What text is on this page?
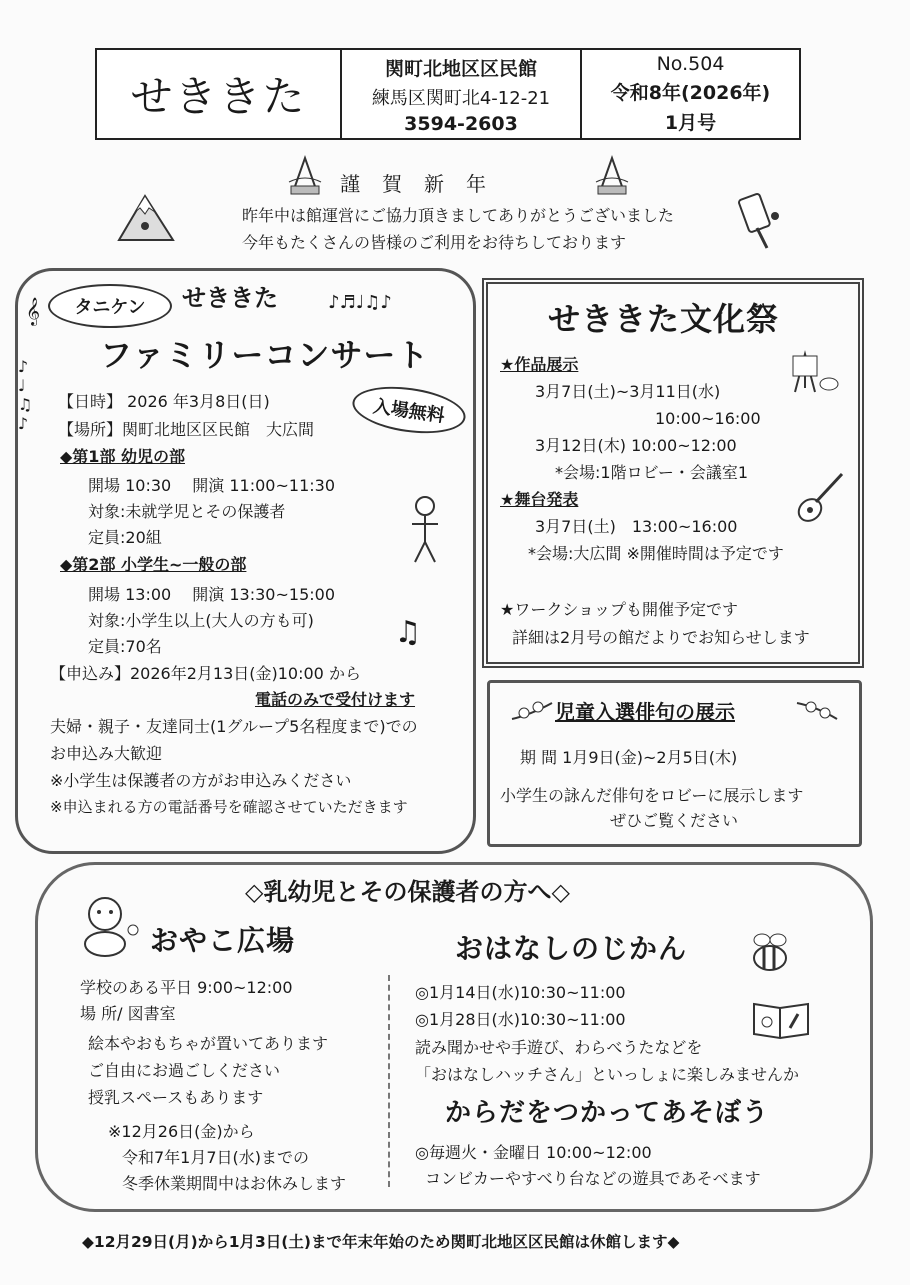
せききた
関町北地区区民館
練馬区関町北4-12-21
3594-2603
No.504
令和8年(2026年)
1月号
謹賀新年
昨年中は館運営にご協力頂きましてありがとうございました
今年もたくさんの皆様のご利用をお待ちしております
𝄞
♪
♩
♫
♪
タニケン	せききた	♪♬♩♫♪
ファミリーコンサート
入場無料
【日時】 2026 年3月8日(日)
【場所】関町北地区区民館　大広間
◆第1部 幼児の部
開場 10:30　 開演 11:00~11:30
対象:未就学児とその保護者
定員:20組
◆第2部 小学生~一般の部
開場 13:00　 開演 13:30~15:00
対象:小学生以上(大人の方も可)
定員:70名	♫
【申込み】2026年2月13日(金)10:00 から
電話のみで受付けます
夫婦・親子・友達同士(1グループ5名程度まで)での
お申込み大歓迎
※小学生は保護者の方がお申込みください
※申込まれる方の電話番号を確認させていただきます
せききた文化祭
★作品展示
3月7日(土)~3月11日(水)
10:00~16:00
3月12日(木) 10:00~12:00
*会場:1階ロビー・会議室1
★舞台発表
3月7日(土)　13:00~16:00
*会場:大広間 ※開催時間は予定です
★ワークショップも開催予定です
詳細は2月号の館だよりでお知らせします
児童入選俳句の展示
期 間 1月9日(金)~2月5日(木)
小学生の詠んだ俳句をロビーに展示します
ぜひご覧ください
◇乳幼児とその保護者の方へ◇
おやこ広場
学校のある平日 9:00~12:00
場 所/ 図書室
絵本やおもちゃが置いてあります
ご自由にお過ごしください
授乳スペースもあります
※12月26日(金)から
令和7年1月7日(水)までの
冬季休業期間中はお休みします
おはなしのじかん
◎1月14日(水)10:30~11:00
◎1月28日(水)10:30~11:00
読み聞かせや手遊び、わらべうたなどを
「おはなしハッチさん」といっしょに楽しみませんか
からだをつかってあそぼう
◎毎週火・金曜日 10:00~12:00
コンビカーやすべり台などの遊具であそべます
◆12月29日(月)から1月3日(土)まで年末年始のため関町北地区区民館は休館します◆
